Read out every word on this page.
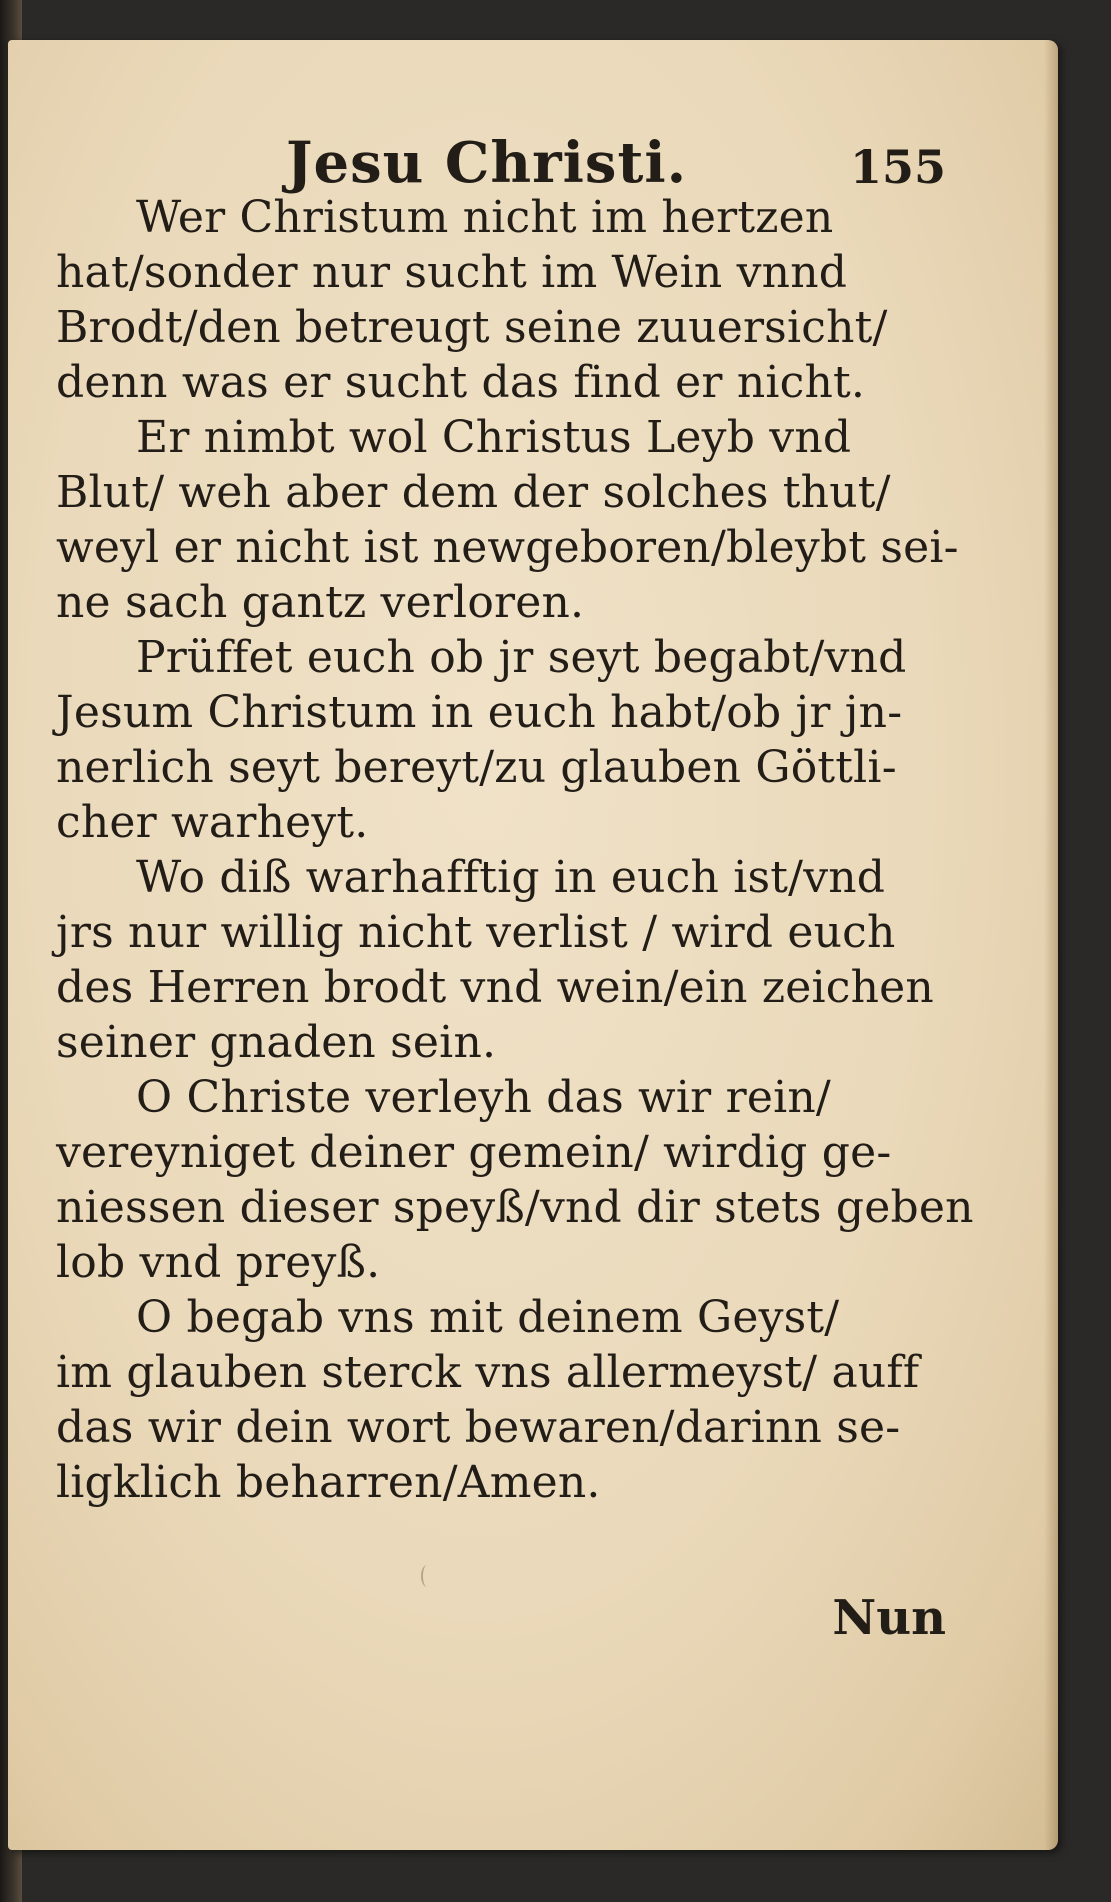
Jesu Christi.	155
Wer Christum nicht im hertzen
hat/sonder nur sucht im Wein vnnd
Brodt/den betreugt seine zuuersicht/
denn was er sucht das find er nicht.
Er nimbt wol Christus Leyb vnd
Blut/ weh aber dem der solches thut/
weyl er nicht ist newgeboren/bleybt sei-
ne sach gantz verloren.
Prüffet euch ob jr seyt begabt/vnd
Jesum Christum in euch habt/ob jr jn-
nerlich seyt bereyt/zu glauben Göttli-
cher warheyt.
Wo diß warhafftig in euch ist/vnd
jrs nur willig nicht verlist / wird euch
des Herren brodt vnd wein/ein zeichen
seiner gnaden sein.
O Christe verleyh das wir rein/
vereyniget deiner gemein/ wirdig ge-
niessen dieser speyß/vnd dir stets geben
lob vnd preyß.
O begab vns mit deinem Geyst/
im glauben sterck vns allermeyst/ auff
das wir dein wort bewaren/darinn se-
ligklich beharren/Amen.
Nun
